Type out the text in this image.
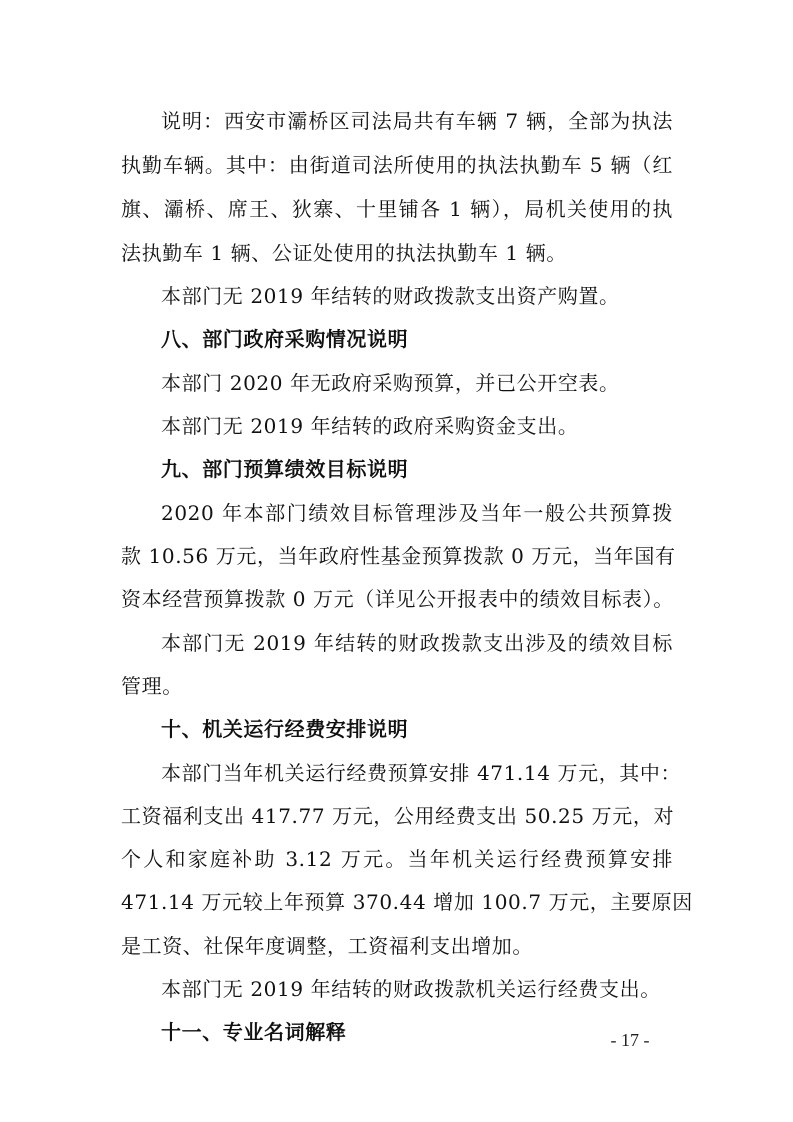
说明：西安市灞桥区司法局共有车辆 7 辆，全部为执法
执勤车辆。其中：由街道司法所使用的执法执勤车 5 辆（红
旗、灞桥、席王、狄寨、十里铺各 1 辆），局机关使用的执
法执勤车 1 辆、公证处使用的执法执勤车 1 辆。
本部门无 2019 年结转的财政拨款支出资产购置。
八、部门政府采购情况说明
本部门 2020 年无政府采购预算，并已公开空表。
本部门无 2019 年结转的政府采购资金支出。
九、部门预算绩效目标说明
2020 年本部门绩效目标管理涉及当年一般公共预算拨
款 10.56 万元，当年政府性基金预算拨款 0 万元，当年国有
资本经营预算拨款 0 万元（详见公开报表中的绩效目标表）。
本部门无 2019 年结转的财政拨款支出涉及的绩效目标
管理。
十、机关运行经费安排说明
本部门当年机关运行经费预算安排 471.14 万元，其中：
工资福利支出 417.77 万元，公用经费支出 50.25 万元，对
个人和家庭补助 3.12 万元。当年机关运行经费预算安排
471.14 万元较上年预算 370.44 增加 100.7 万元，主要原因
是工资、社保年度调整，工资福利支出增加。
本部门无 2019 年结转的财政拨款机关运行经费支出。
十一、专业名词解释	- 17 -
